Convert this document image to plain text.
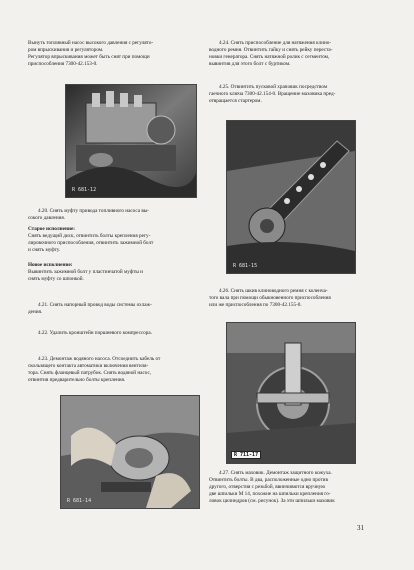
Вынуть топливный насос высокого давления с регулято-

ром впрыскивания и регулятором.

Регулятор впрыскивания может быть снят при помощи

приспособления 7300-42.153-0.

R 681-12

4.20. Снять муфту привода топливного насоса вы-

сокого давления.

Старое исполнение:

Снять ведущий диск, отвинтить болты крепления регу-

лировочного приспособления, отвинтить зажимной болт

и снять муфту.

Новое исполнение:

Вывинтить зажимной болт у пластинчатой муфты и

снять муфту со шпонкой.

4.21. Снять напорный провод воды системы охлаж-

дения.

4.22. Удалить кронштейн поршневого компрессора.

4.23. Демонтаж водяного насоса. Отсоеднить кабель от

скользящего контакта автоматики включения вентиля-

тора. Снять фланцевый патрубок. Снять водяной насос,

отвинтив предварительно болты крепления.

R 681-14

4.24. Снять приспособление для натяжения клино-

водного ремня. Отвинтить гайку и снять рейку переста-

новки генератора. Снять натяжной ролик с сегментом,

вывинтив для этого болт с буртиком.

4.25. Отвинтить пусковой храповик посредством

гаечного ключа 7300-42.154-0. Вращение маховика пред-

отвращается стартером.

R 681-15

4.26. Снять шкив клиноводного ремня с коленча-

того вала при помощи обыкновенного приспособления

или же приспособления по 7300-42.155-0.

R 711-17

4.27. Снять маховик. Демонтаж защитного кожуха.

Отвинтить болты. В два, расположенные одно против

другого, отверстия с резьбой, ввинчивются вручную

две шпильки М 14, похожие на шпильки крепления го-

ловок цилиндров (см. рисунок). За эти шпильки маховик

31
